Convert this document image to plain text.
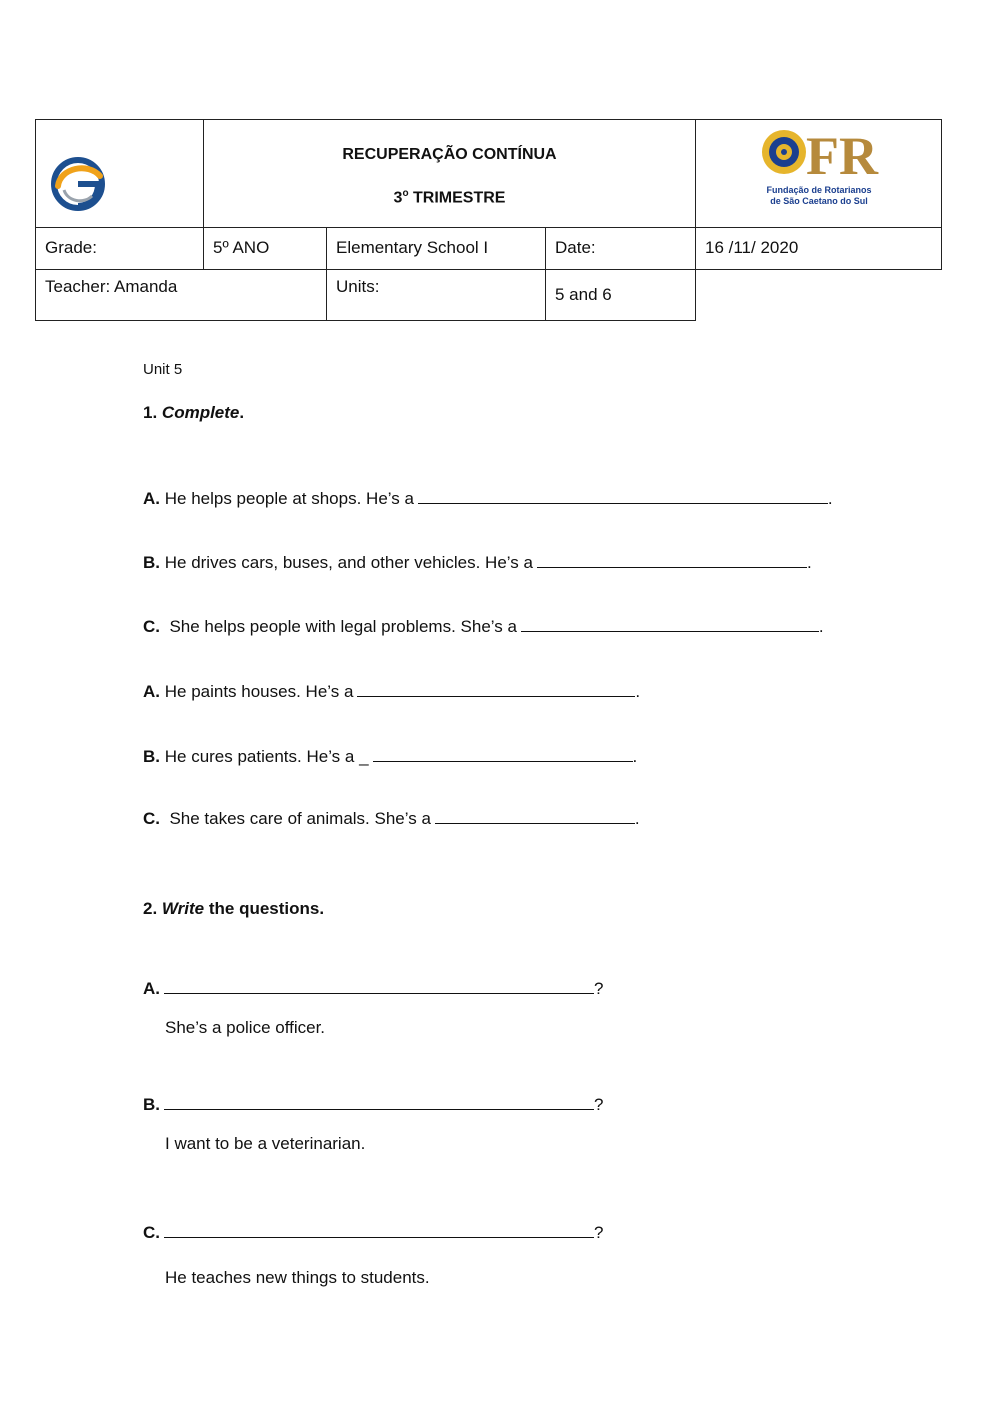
RECUPERAÇÃO CONTÍNUA
3$^o$ TRIMESTRE
FR
Fundação de Rotarianos
de São Caetano do Sul
Grade:	5º ANO	Elementary School I	Date:	16 /11/ 2020
Teacher: Amanda	Units:	5 and 6
Unit 5
1. Complete.
A. He helps people at shops. He’s a	.
B. He drives cars, buses, and other vehicles. He’s a	.
C. She helps people with legal problems. She’s a	.
A. He paints houses. He’s a	.
B. He cures patients. He’s a _	.
C. She takes care of animals. She’s a	.
2. Write the questions.
A.	?
She’s a police officer.
B.	?
I want to be a veterinarian.
C.	?
He teaches new things to students.
